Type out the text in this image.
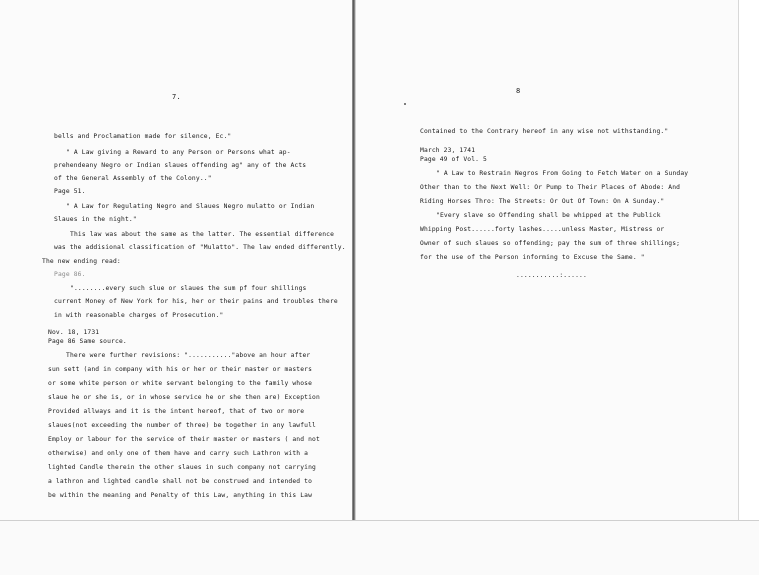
7.
bells and Proclamation made for silence, Ec."
" A Law giving a Reward to any Person or Persons what ap-
prehendeany Negro or Indian slaues offending ag" any of the Acts
of the General Assembly of the Colony.."
Page 51.
" A Law for Regulating Negro and Slaues Negro mulatto or Indian
Slaues in the night."
This law was about the same as the latter. The essential difference
was the addisional classification of "Mulatto". The law ended differently.
The new ending read:
Page 86.
"........every such slue or slaues the sum pf four shillings
current Money of New York for his, her or their pains and troubles there
in with reasonable charges of Prosecution."
Nov. 18, 1731
Page 86 Same source.
There were further revisions: "..........."above an hour after
sun sett (and in company with his or her or their master or masters
or some white person or white servant belonging to the family whose
slaue he or she is, or in whose service he or she then are) Exception
Provided allways and it is the intent hereof, that of two or more
slaues(not exceeding the number of three) be together in any lawfull
Employ or labour for the service of their master or masters ( and not
otherwise) and only one of them have and carry such Lathron with a
lighted Candle therein the other slaues in such company not carrying
a lathron and lighted candle shall not be construed and intended to
be within the meaning and Penalty of this Law, anything in this Law
8
Contained to the Contrary hereof in any wise not withstanding."
March 23, 1741
Page 49 of Vol. 5
" A Law to Restrain Negros From Going to Fetch Water on a Sunday
Other than to the Next Well: Or Pump to Their Places of Abode: And
Riding Horses Thro: The Streets: Or Out Of Town: On A Sunday."
"Every slave so Offending shall be whipped at the Publick
Whipping Post......forty lashes.....unless Master, Mistress or
Owner of such slaues so offending; pay the sum of three shillings;
for the use of the Person informing to Excuse the Same. "
...........:......
